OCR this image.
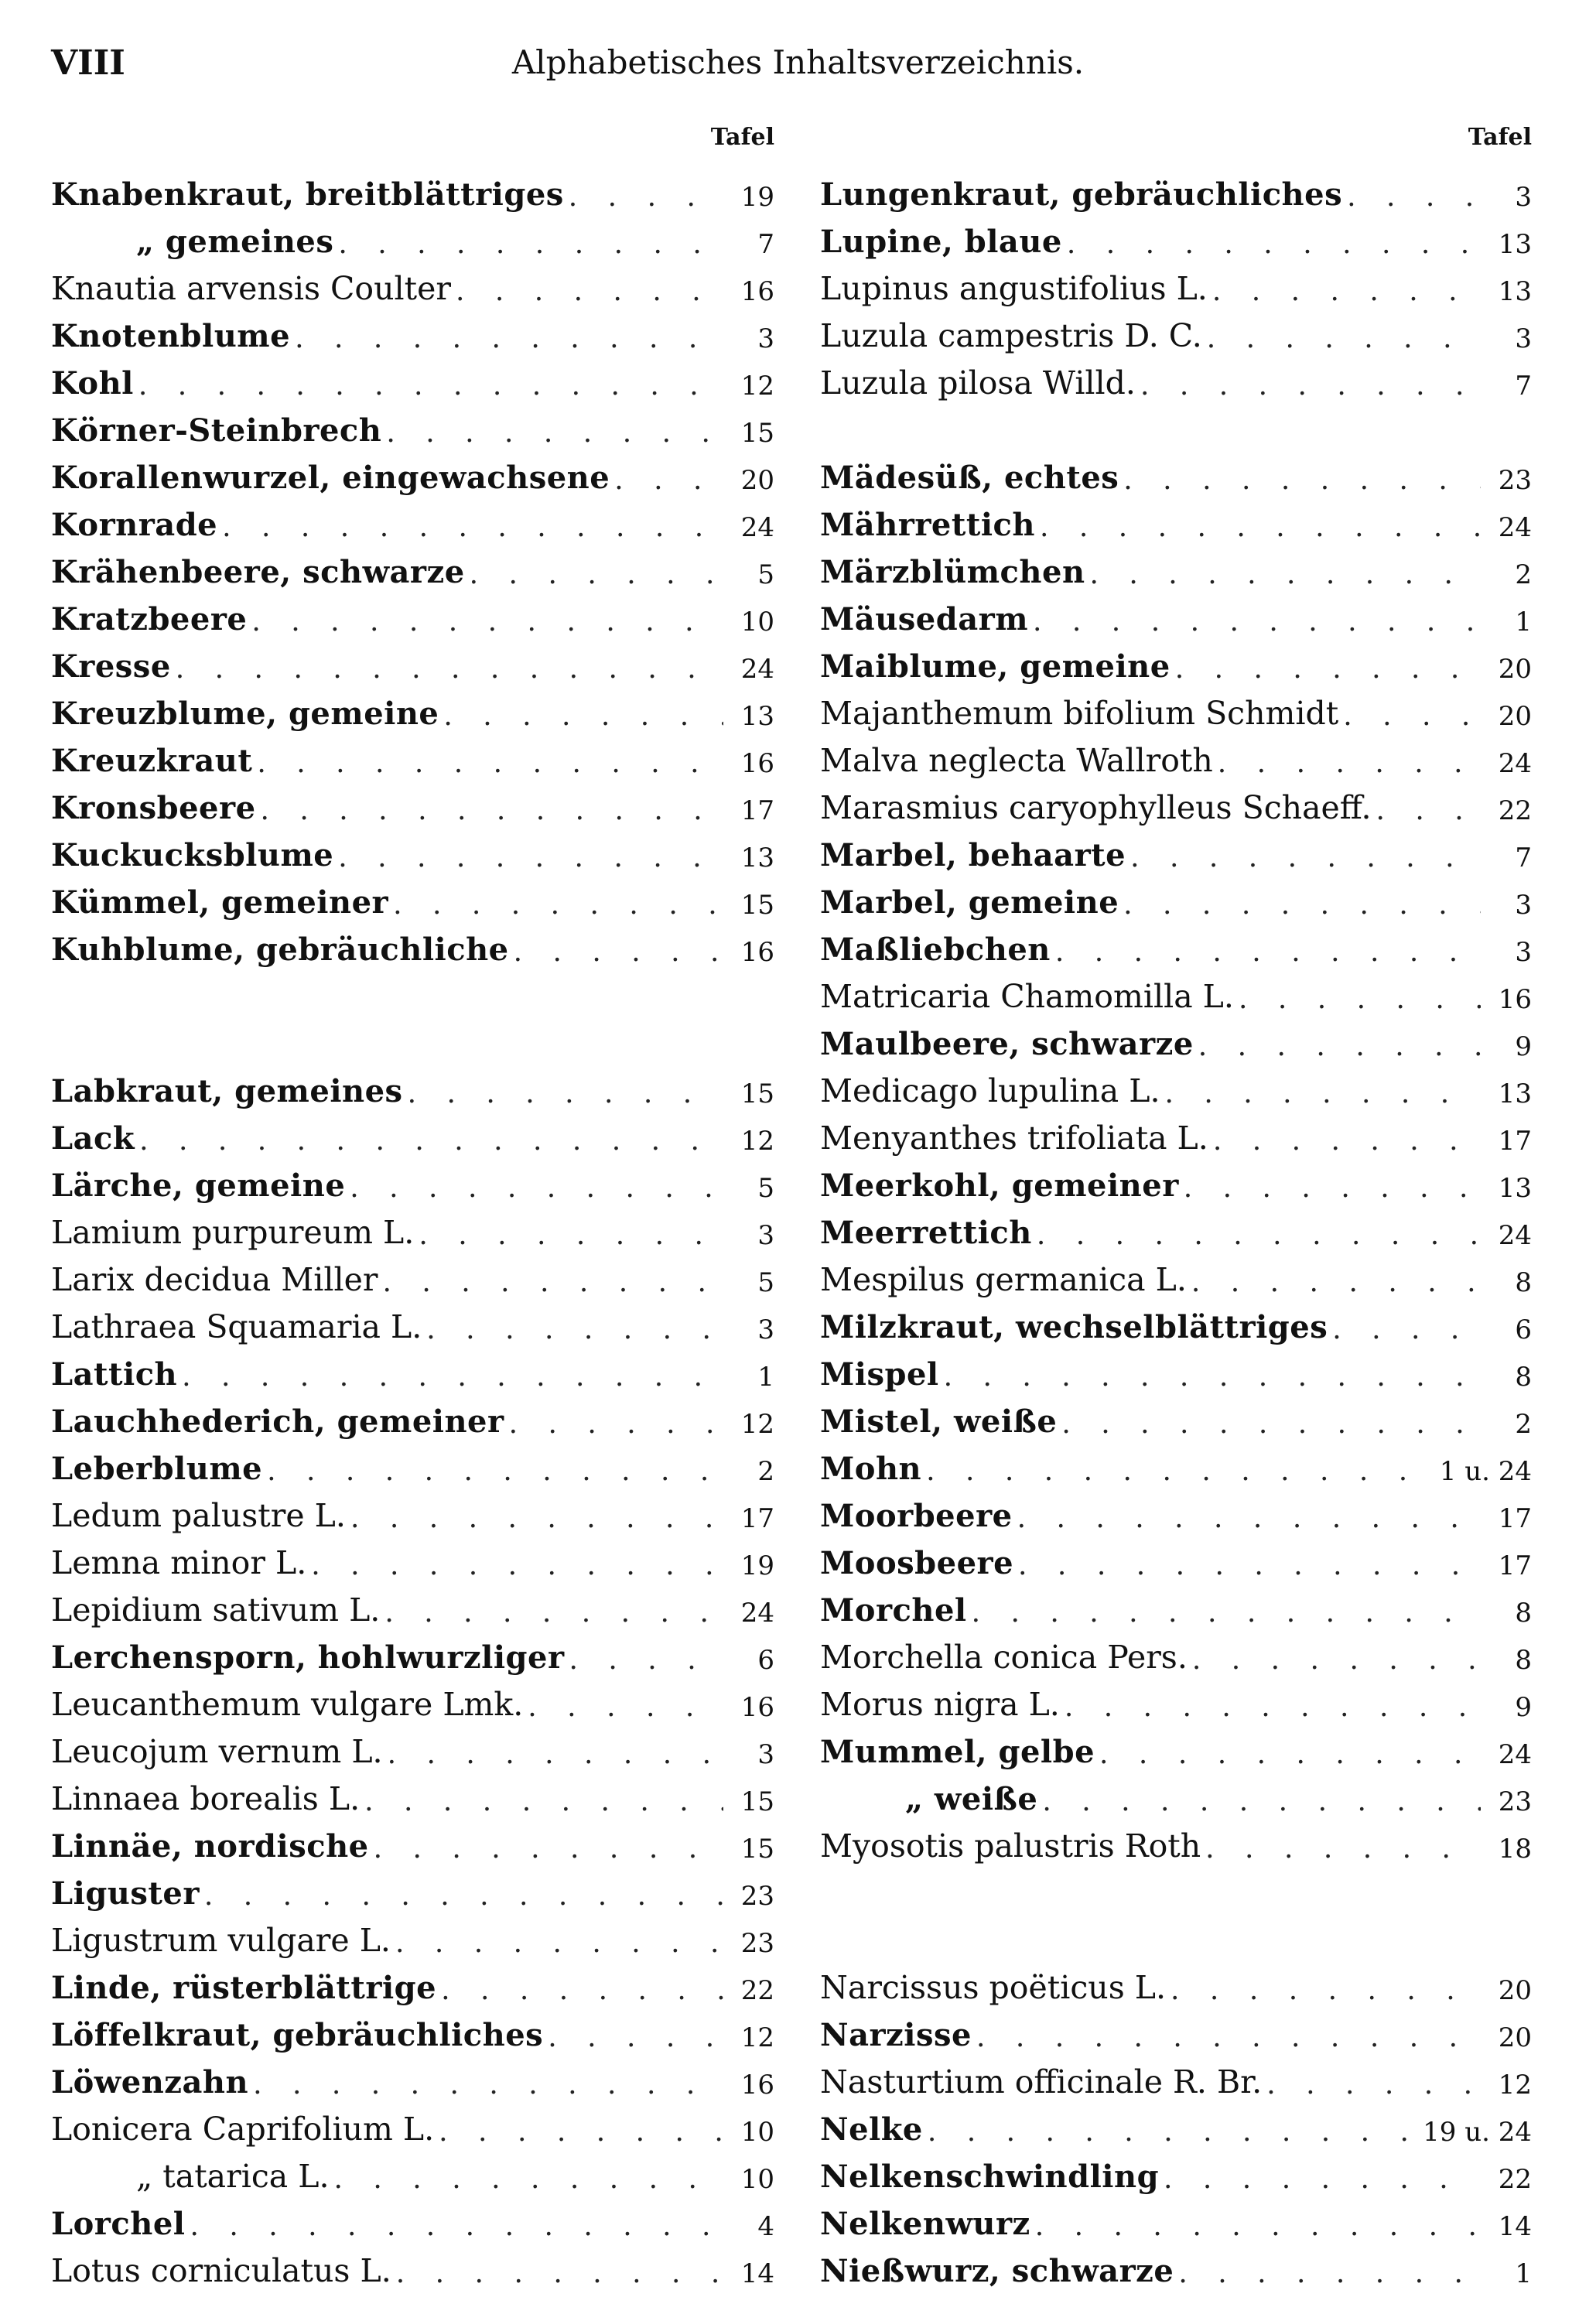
VIII	Alphabetisches Inhaltsverzeichnis.
Tafel
Knabenkraut, breitblättriges . . .	19
„ gemeines . . .	7
Knautia arvensis Coulter . . .	16
Knotenblume . . .	3
Kohl . . .	12
Körner-Steinbrech . . .	15
Korallenwurzel, eingewachsene . . .	20
Kornrade . . .	24
Krähenbeere, schwarze . . .	5
Kratzbeere . . .	10
Kresse . . .	24
Kreuzblume, gemeine . . .	13
Kreuzkraut . . .	16
Kronsbeere . . .	17
Kuckucksblume . . .	13
Kümmel, gemeiner . . .	15
Kuhblume, gebräuchliche . . .	16
Labkraut, gemeines . . .	15
Lack . . .	12
Lärche, gemeine . . .	5
Lamium purpureum L. . . .	3
Larix decidua Miller . . .	5
Lathraea Squamaria L. . . .	3
Lattich . . .	1
Lauchhederich, gemeiner . . .	12
Leberblume . . .	2
Ledum palustre L. . . .	17
Lemna minor L. . . .	19
Lepidium sativum L. . . .	24
Lerchensporn, hohlwurzliger . . .	6
Leucanthemum vulgare Lmk. . . .	16
Leucojum vernum L. . . .	3
Linnaea borealis L. . . .	15
Linnäe, nordische . . .	15
Liguster . . .	23
Ligustrum vulgare L. . . .	23
Linde, rüsterblättrige . . .	22
Löffelkraut, gebräuchliches . . .	12
Löwenzahn . . .	16
Lonicera Caprifolium L. . . .	10
„ tatarica L. . . .	10
Lorchel . . .	4
Lotus corniculatus L. . . .	14
Tafel
Lungenkraut, gebräuchliches . . .	3
Lupine, blaue . . .	13
Lupinus angustifolius L. . . .	13
Luzula campestris D. C. . . .	3
Luzula pilosa Willd. . . .	7
Mädesüß, echtes . . .	23
Mährrettich . . .	24
Märzblümchen . . .	2
Mäusedarm . . .	1
Maiblume, gemeine . . .	20
Majanthemum bifolium Schmidt . . .	20
Malva neglecta Wallroth . . .	24
Marasmius caryophylleus Schaeff. . . .	22
Marbel, behaarte . . .	7
Marbel, gemeine . . .	3
Maßliebchen . . .	3
Matricaria Chamomilla L. . . .	16
Maulbeere, schwarze . . .	9
Medicago lupulina L. . . .	13
Menyanthes trifoliata L. . . .	17
Meerkohl, gemeiner . . .	13
Meerrettich . . .	24
Mespilus germanica L. . . .	8
Milzkraut, wechselblättriges . . .	6
Mispel . . .	8
Mistel, weiße . . .	2
Mohn . . .	1 u. 24
Moorbeere . . .	17
Moosbeere . . .	17
Morchel . . .	8
Morchella conica Pers. . . .	8
Morus nigra L. . . .	9
Mummel, gelbe . . .	24
„ weiße . . .	23
Myosotis palustris Roth . . .	18
Narcissus poëticus L. . . .	20
Narzisse . . .	20
Nasturtium officinale R. Br. . . .	12
Nelke . . .	19 u. 24
Nelkenschwindling . . .	22
Nelkenwurz . . .	14
Nießwurz, schwarze . . .	1
